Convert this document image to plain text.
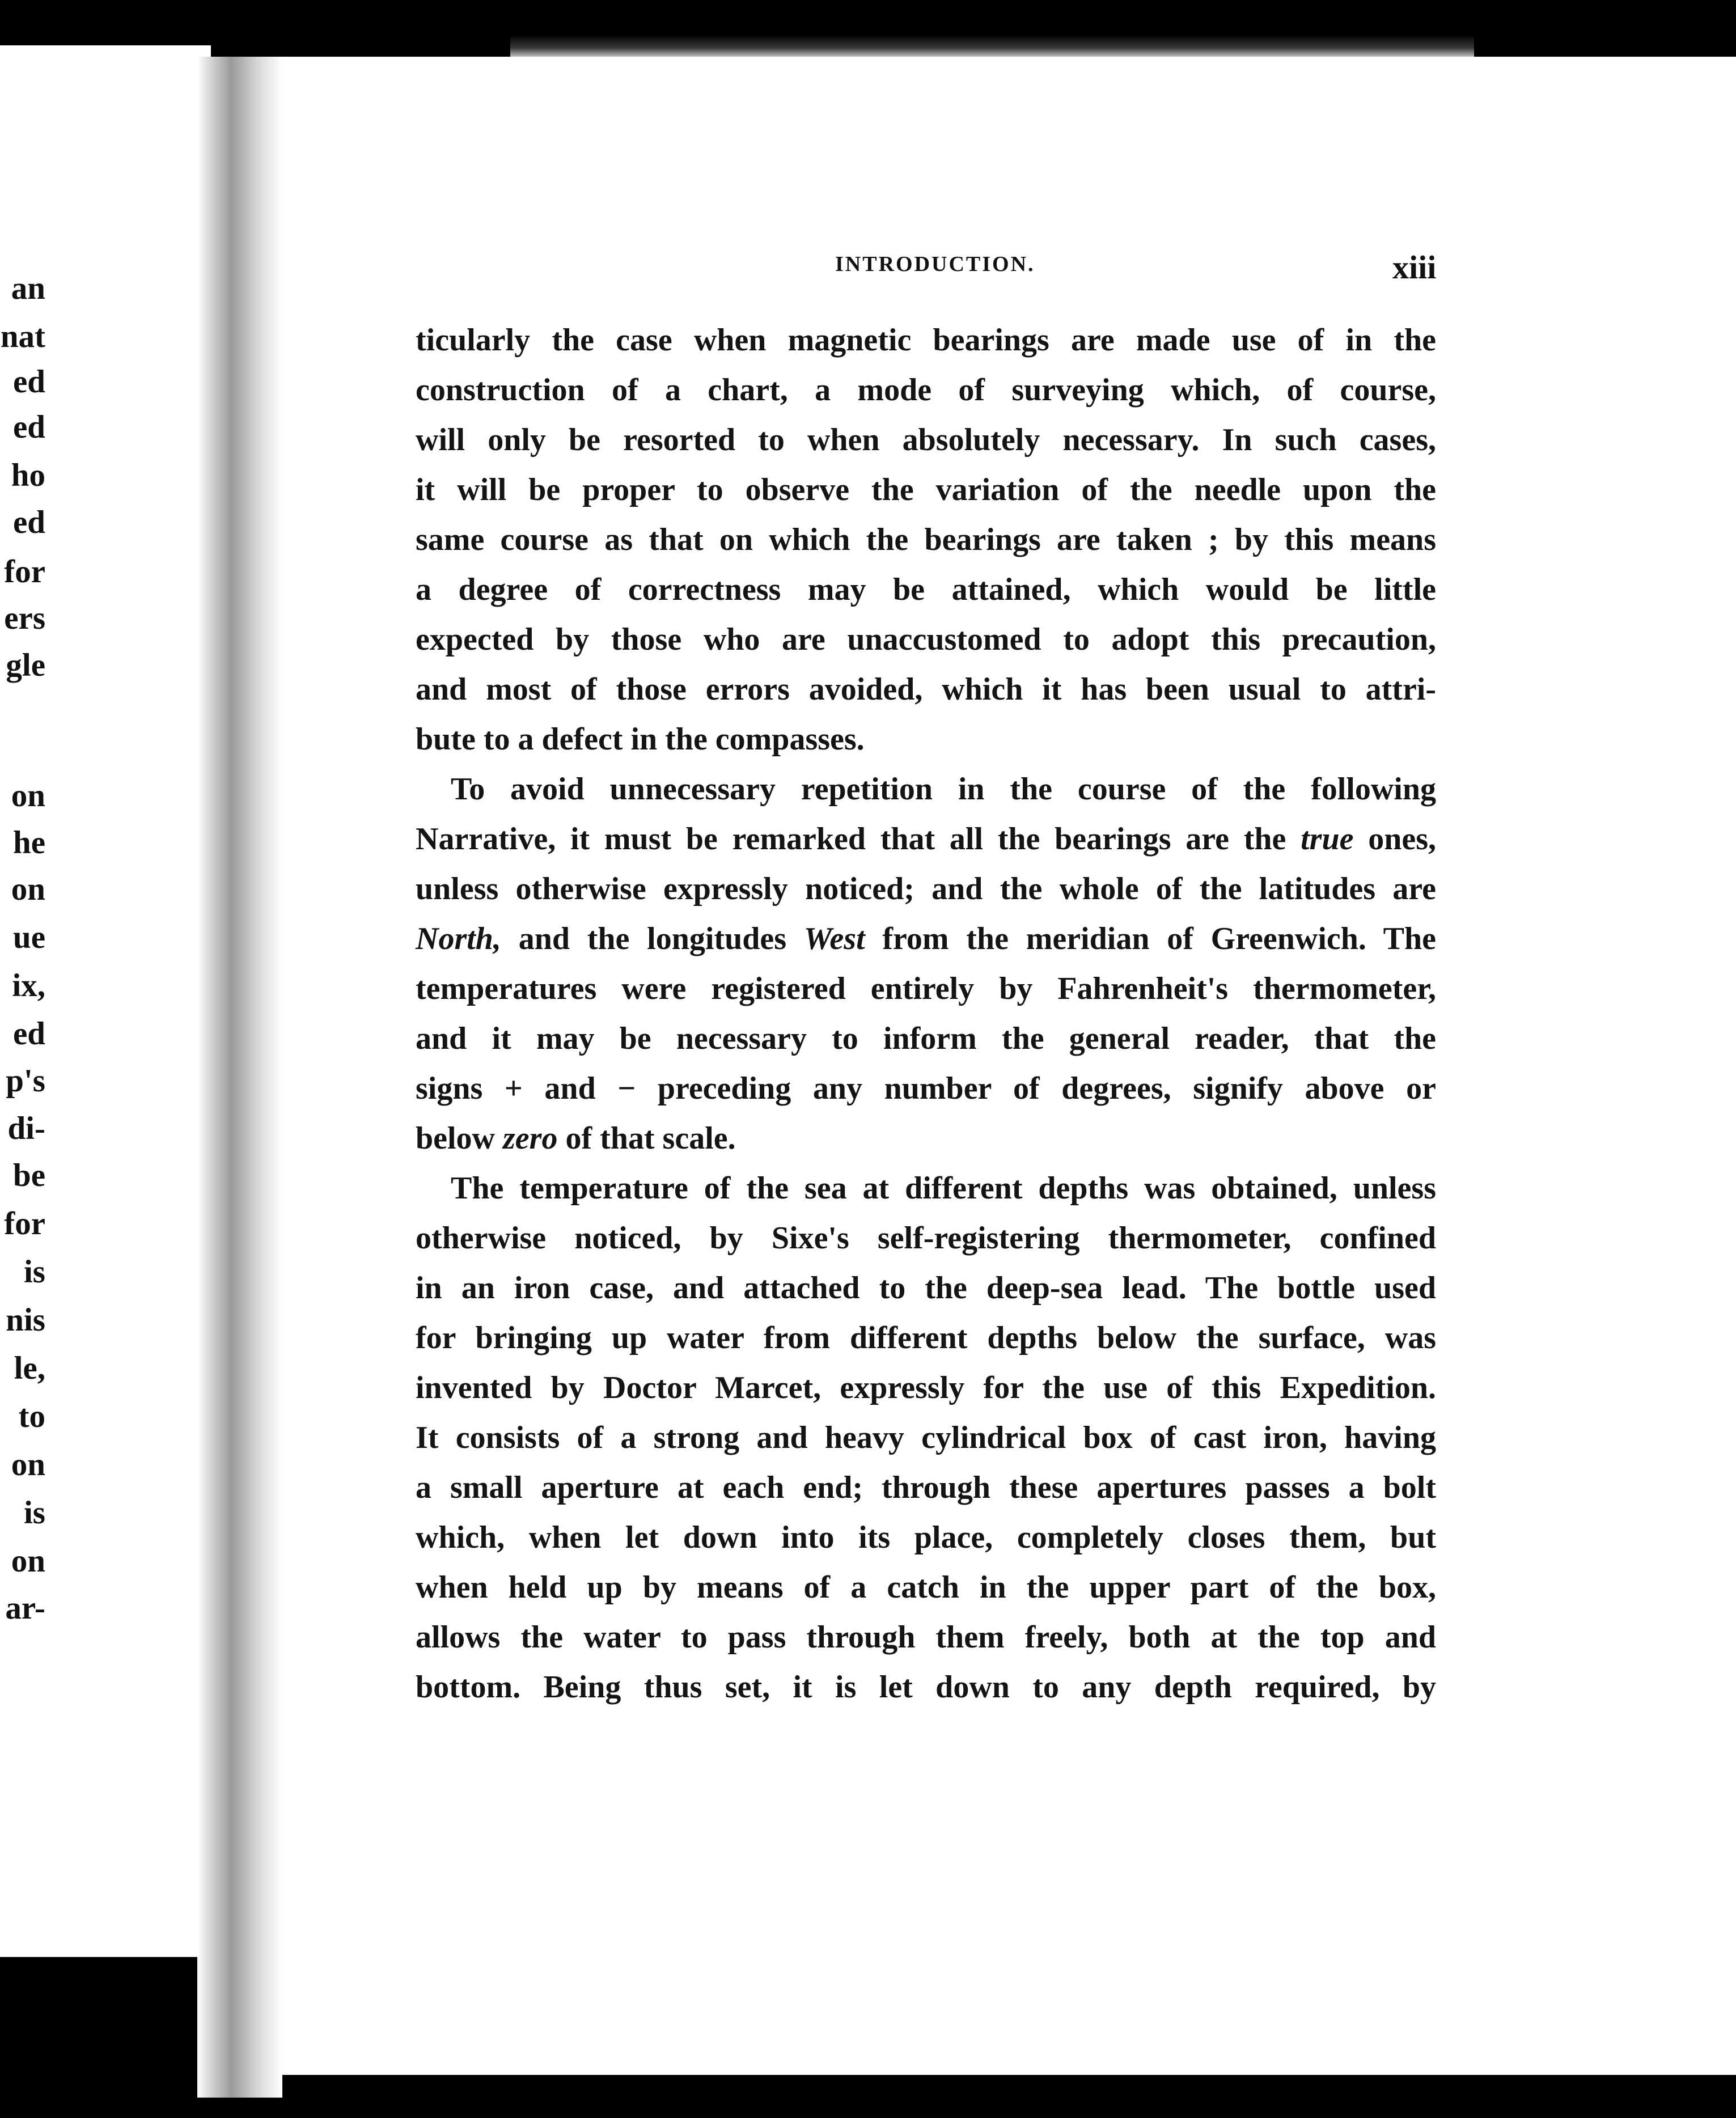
an
nat
ed
ed
ho
ed
for
ers
gle
on
he
on
ue
ix,
ed
p's
di-
be
for
is
nis
le,
to
on
is
on
ar-
INTRODUCTION.	xiii
ticularly the case when magnetic bearings are made use of in the
construction of a chart, a mode of surveying which, of course,
will only be resorted to when absolutely necessary. In such cases,
it will be proper to observe the variation of the needle upon the
same course as that on which the bearings are taken ; by this means
a degree of correctness may be attained, which would be little
expected by those who are unaccustomed to adopt this precaution,
and most of those errors avoided, which it has been usual to attri-
bute to a defect in the compasses.
To avoid unnecessary repetition in the course of the following
Narrative, it must be remarked that all the bearings are the true ones,
unless otherwise expressly noticed; and the whole of the latitudes are
North, and the longitudes West from the meridian of Greenwich. The
temperatures were registered entirely by Fahrenheit's thermometer,
and it may be necessary to inform the general reader, that the
signs + and − preceding any number of degrees, signify above or
below zero of that scale.
The temperature of the sea at different depths was obtained, unless
otherwise noticed, by Sixe's self-registering thermometer, confined
in an iron case, and attached to the deep-sea lead. The bottle used
for bringing up water from different depths below the surface, was
invented by Doctor Marcet, expressly for the use of this Expedition.
It consists of a strong and heavy cylindrical box of cast iron, having
a small aperture at each end; through these apertures passes a bolt
which, when let down into its place, completely closes them, but
when held up by means of a catch in the upper part of the box,
allows the water to pass through them freely, both at the top and
bottom. Being thus set, it is let down to any depth required, by
